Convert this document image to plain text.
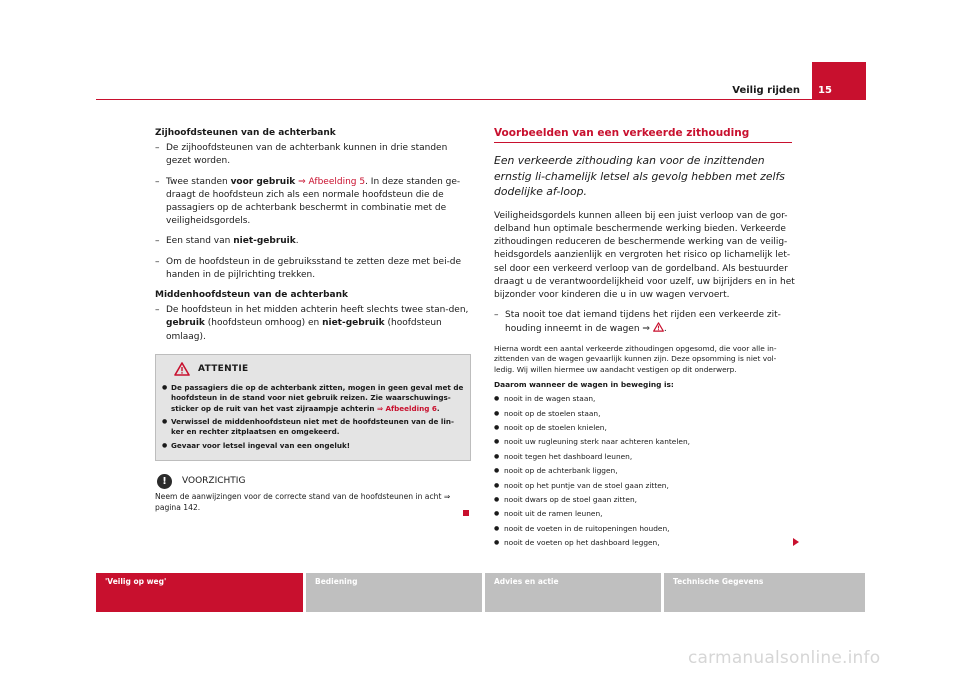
Veilig rijden 15
Zijhoofdsteunen van de achterbank
– De zijhoofdsteunen van de achterbank kunnen in drie standen gezet worden.
– Twee standen voor gebruik ⇒ Afbeelding 5. In deze standen ge-draagt de hoofdsteun zich als een normale hoofdsteun die de passagiers op de achterbank beschermt in combinatie met de veiligheidsgordels.
– Een stand van niet-gebruik.
– Om de hoofdsteun in de gebruiksstand te zetten deze met bei-de handen in de pijlrichting trekken.
Middenhoofdsteun van de achterbank
– De hoofdsteun in het midden achterin heeft slechts twee stan-den, gebruik (hoofdsteun omhoog) en niet-gebruik (hoofdsteun omlaag).
ATTENTIE
● De passagiers die op de achterbank zitten, mogen in geen geval met de hoofdsteun in de stand voor niet gebruik reizen. Zie waarschuwings-sticker op de ruit van het vast zijraampje achterin ⇒ Afbeelding 6.
● Verwissel de middenhoofdsteun niet met de hoofdsteunen van de lin-ker en rechter zitplaatsen en omgekeerd.
● Gevaar voor letsel ingeval van een ongeluk!
!	VOORZICHTIG
Neem de aanwijzingen voor de correcte stand van de hoofdsteunen in acht ⇒ pagina 142.
Voorbeelden van een verkeerde zithouding
Een verkeerde zithouding kan voor de inzittenden ernstig li-chamelijk letsel als gevolg hebben met zelfs dodelijke af-loop.
Veiligheidsgordels kunnen alleen bij een juist verloop van de gor-delband hun optimale beschermende werking bieden. Verkeerde zithoudingen reduceren de beschermende werking van de veilig-heidsgordels aanzienlijk en vergroten het risico op lichamelijk let-sel door een verkeerd verloop van de gordelband. Als bestuurder draagt u de verantwoordelijkheid voor uzelf, uw bijrijders en in het bijzonder voor kinderen die u in uw wagen vervoert.
– Sta nooit toe dat iemand tijdens het rijden een verkeerde zit-houding inneemt in de wagen ⇒ .
Hierna wordt een aantal verkeerde zithoudingen opgesomd, die voor alle in-zittenden van de wagen gevaarlijk kunnen zijn. Deze opsomming is niet vol-ledig. Wij willen hiermee uw aandacht vestigen op dit onderwerp.
Daarom wanneer de wagen in beweging is:
● nooit in de wagen staan,
● nooit op de stoelen staan,
● nooit op de stoelen knielen,
● nooit uw rugleuning sterk naar achteren kantelen,
● nooit tegen het dashboard leunen,
● nooit op de achterbank liggen,
● nooit op het puntje van de stoel gaan zitten,
● nooit dwars op de stoel gaan zitten,
● nooit uit de ramen leunen,
● nooit de voeten in de ruitopeningen houden,
● nooit de voeten op het dashboard leggen,
'Veilig op weg'	Bediening	Advies en actie	Technische Gegevens
carmanualsonline.info
